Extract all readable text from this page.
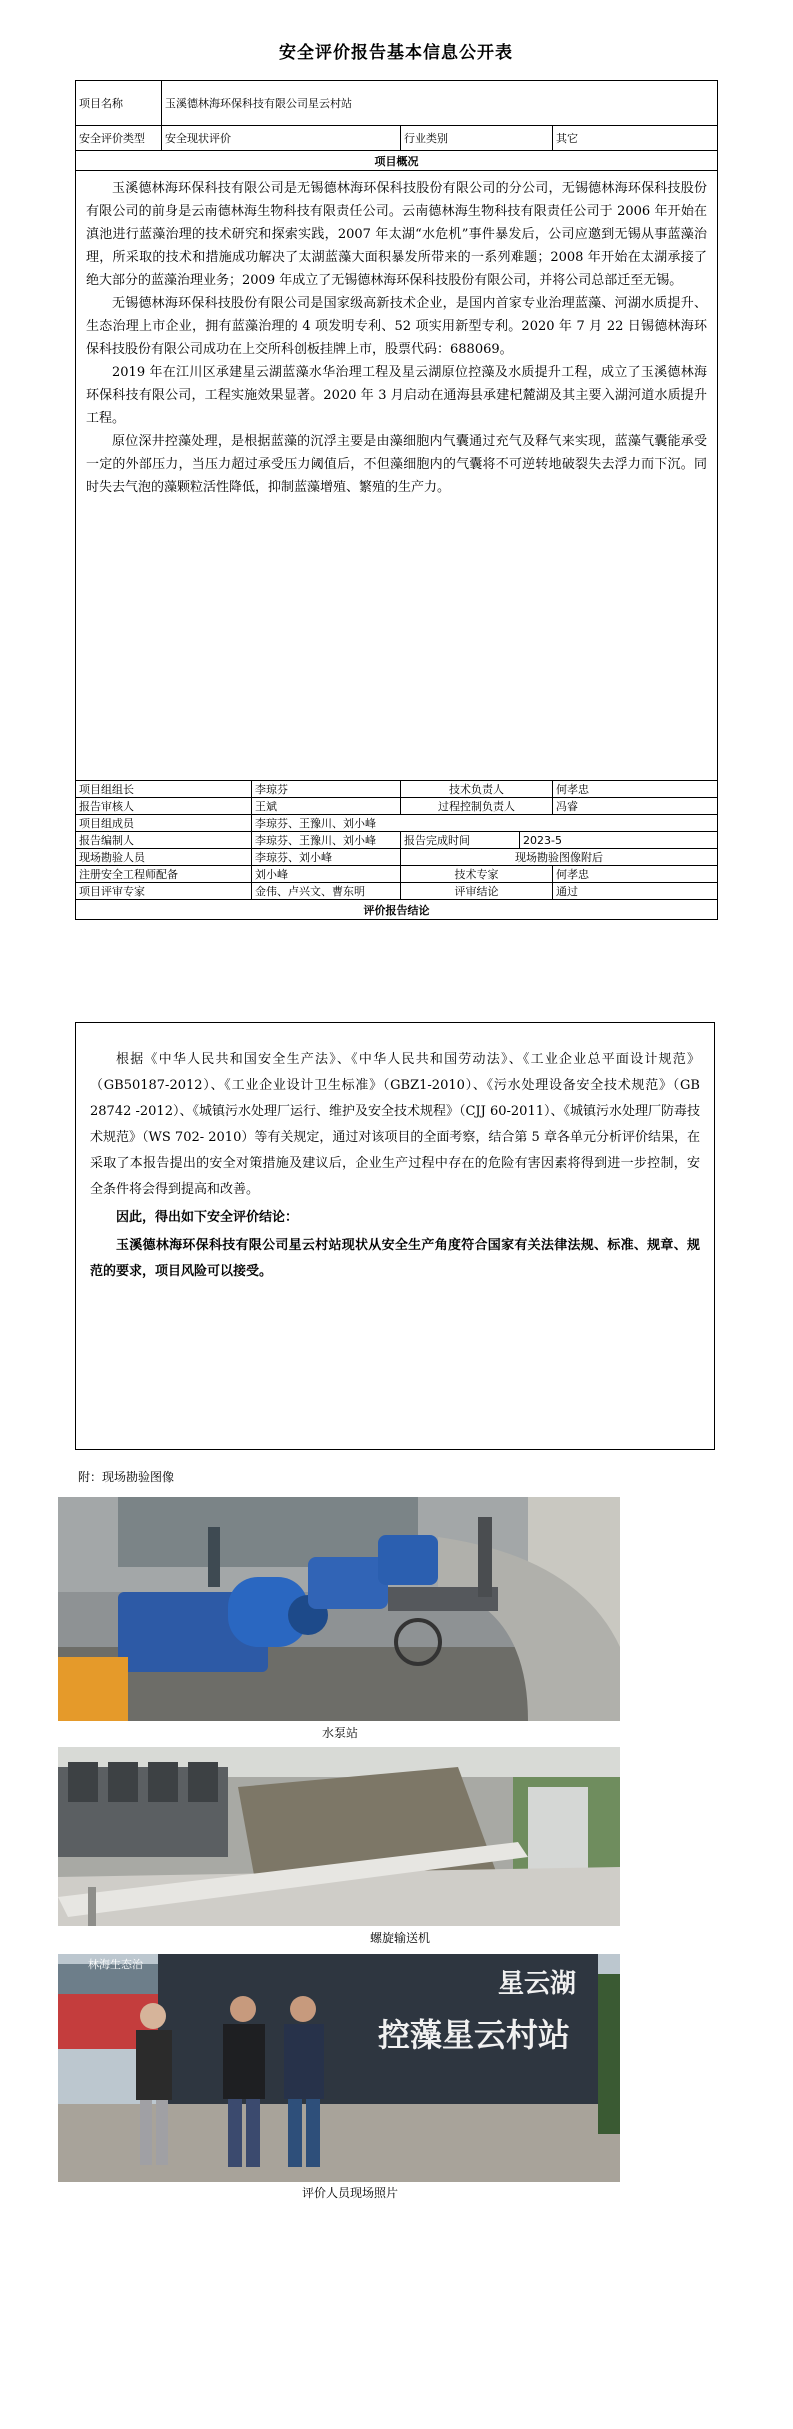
安全评价报告基本信息公开表
项目名称	玉溪德林海环保科技有限公司星云村站				
安全评价类型	安全现状评价		行业类别		其它
项目概况					

玉溪德林海环保科技有限公司是无锡德林海环保科技股份有限公司的分公司，无锡德林海环保科技股份有限公司的前身是云南德林海生物科技有限责任公司。云南德林海生物科技有限责任公司于 2006 年开始在滇池进行蓝藻治理的技术研究和探索实践，2007 年太湖“水危机”事件暴发后，公司应邀到无锡从事蓝藻治理，所采取的技术和措施成功解决了太湖蓝藻大面积暴发所带来的一系列难题；2008 年开始在太湖承接了绝大部分的蓝藻治理业务；2009 年成立了无锡德林海环保科技股份有限公司，并将公司总部迁至无锡。

无锡德林海环保科技股份有限公司是国家级高新技术企业，是国内首家专业治理蓝藻、河湖水质提升、生态治理上市企业，拥有蓝藻治理的 4 项发明专利、52 项实用新型专利。2020 年 7 月 22 日锡德林海环保科技股份有限公司成功在上交所科创板挂牌上市，股票代码：688069。

2019 年在江川区承建星云湖蓝藻水华治理工程及星云湖原位控藻及水质提升工程，成立了玉溪德林海环保科技有限公司，工程实施效果显著。2020 年 3 月启动在通海县承建杞麓湖及其主要入湖河道水质提升工程。

原位深井控藻处理，是根据蓝藻的沉浮主要是由藻细胞内气囊通过充气及释气来实现，蓝藻气囊能承受一定的外部压力，当压力超过承受压力阈值后，不但藻细胞内的气囊将不可逆转地破裂失去浮力而下沉。同时失去气泡的藻颗粒活性降低，抑制蓝藻增殖、繁殖的生产力。					

项目组组长		李琼芬	技术负责人		何孝忠
报告审核人		王斌	过程控制负责人		冯睿
项目组成员		李琼芬、王豫川、刘小峰			
报告编制人		李琼芬、王豫川、刘小峰	报告完成时间	2023-5	
现场勘验人员		李琼芬、刘小峰	现场勘验图像附后		
注册安全工程师配备		刘小峰	技术专家		何孝忠
项目评审专家		金伟、卢兴文、曹东明	评审结论		通过
评价报告结论					

根据《中华人民共和国安全生产法》、《中华人民共和国劳动法》、《工业企业总平面设计规范》（GB50187-2012）、《工业企业设计卫生标准》（GBZ1-2010）、《污水处理设备安全技术规范》（GB 28742 -2012）、《城镇污水处理厂运行、维护及安全技术规程》（CJJ 60-2011）、《城镇污水处理厂防毒技术规范》（WS 702- 2010）等有关规定，通过对该项目的全面考察，结合第 5 章各单元分析评价结果，在采取了本报告提出的安全对策措施及建议后，企业生产过程中存在的危险有害因素将得到进一步控制，安全条件将会得到提高和改善。

因此，得出如下安全评价结论：

玉溪德林海环保科技有限公司星云村站现状从安全生产角度符合国家有关法律法规、标准、规章、规范的要求，项目风险可以接受。

附：现场勘验图像
水泵站
螺旋输送机
星云湖
控藻星云村站
林海生态治
评价人员现场照片
